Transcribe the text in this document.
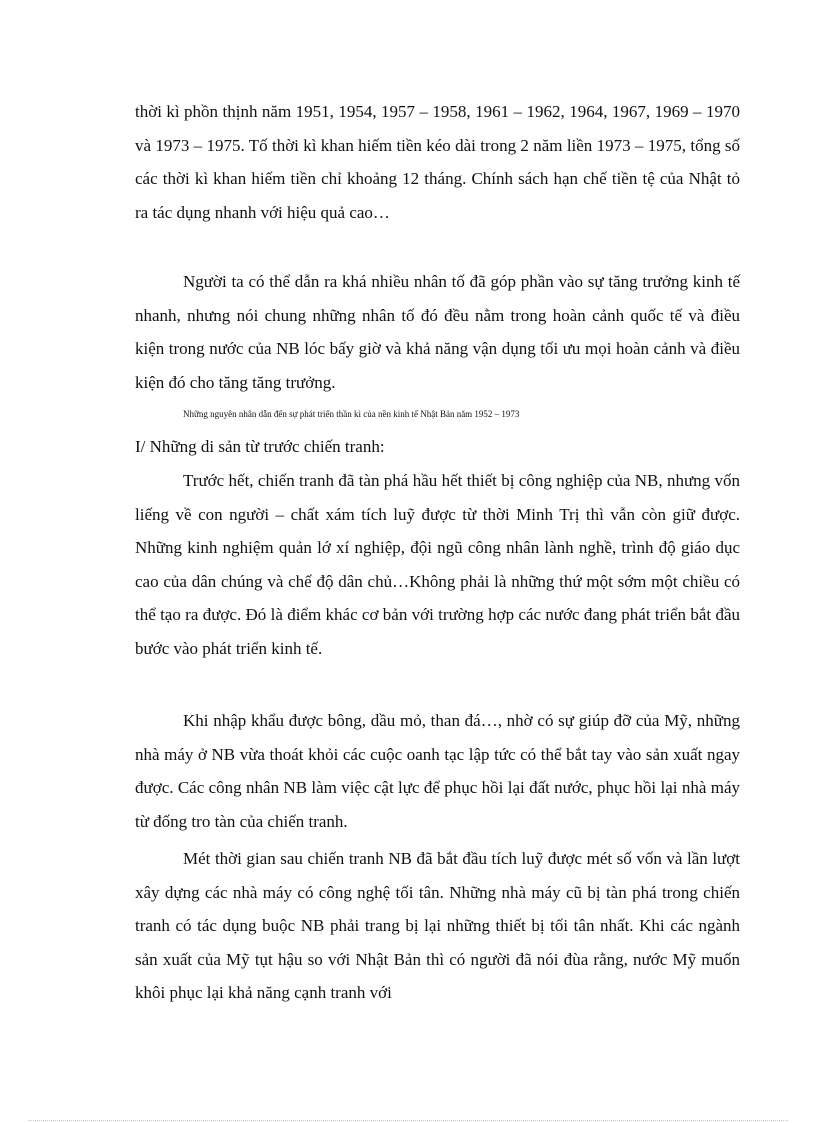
thời kì phồn thịnh năm 1951, 1954, 1957 – 1958, 1961 – 1962, 1964, 1967, 1969 – 1970 và 1973 – 1975. Tố thời kì khan hiếm tiền kéo dài trong 2 năm liền 1973 – 1975, tổng số các thời kì khan hiếm tiền chỉ khoảng 12 tháng. Chính sách hạn chế tiền tệ của Nhật tỏ ra tác dụng nhanh với hiệu quả cao…

Người ta có thể dẫn ra khá nhiều nhân tố đã góp phần vào sự tăng trưởng kinh tế nhanh, nhưng nói chung những nhân tố đó đều nằm trong hoàn cảnh quốc tế và điều kiện trong nước của NB lóc bấy giờ và khả năng vận dụng tối ưu mọi hoàn cảnh và điều kiện đó cho tăng tăng trưởng.

Những nguyên nhân dẫn đến sự phát triển thần kì của nền kinh tế Nhật Bản năm 1952 – 1973

I/ Những di sản từ trước chiến tranh:

Trước hết, chiến tranh đã tàn phá hầu hết thiết bị công nghiệp của NB, nhưng vốn liếng về con người – chất xám tích luỹ được từ thời Minh Trị thì vẫn còn giữ được. Những kinh nghiệm quản lớ xí nghiệp, đội ngũ công nhân lành nghề, trình độ giáo dục cao của dân chúng và chế độ dân chủ…Không phải là những thứ một sớm một chiều có thể tạo ra được. Đó là điểm khác cơ bản với trường hợp các nước đang phát triển bắt đầu bước vào phát triển kinh tế.

Khi nhập khẩu được bông, dầu mỏ, than đá…, nhờ có sự giúp đỡ của Mỹ, những nhà máy ở NB vừa thoát khỏi các cuộc oanh tạc lập tức có thể bắt tay vào sản xuất ngay được. Các công nhân NB làm việc cật lực để phục hồi lại đất nước, phục hồi lại nhà máy từ đống tro tàn của chiến tranh.

Mét thời gian sau chiến tranh NB đã bắt đầu tích luỹ được mét số vốn và lần lượt xây dựng các nhà máy có công nghệ tối tân. Những nhà máy cũ bị tàn phá trong chiến tranh có tác dụng buộc NB phải trang bị lại những thiết bị tối tân nhất. Khi các ngành sản xuất của Mỹ tụt hậu so với Nhật Bản thì có người đã nói đùa rằng, nước Mỹ muốn khôi phục lại khả năng cạnh tranh với
